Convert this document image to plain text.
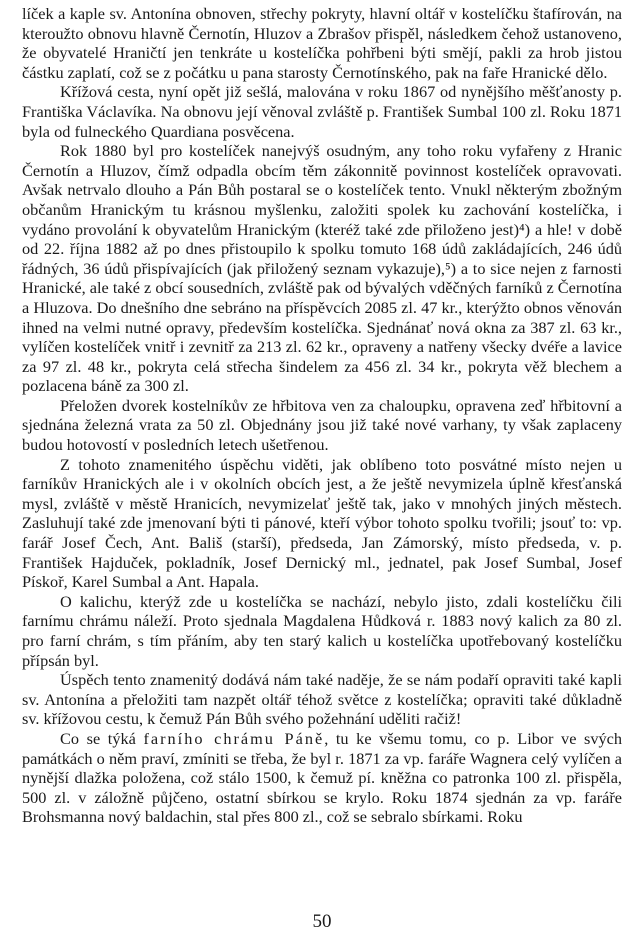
líček a kaple sv. Antonína obnoven, střechy pokryty, hlavní oltář v kostelíčku štafírován, na kteroužto obnovu hlavně Černotín, Hluzov a Zbrašov přispěl, následkem čehož ustanoveno, že obyvatelé Hraničtí jen tenkráte u kostelíčka pohřbeni býti smějí, pakli za hrob jistou částku zaplatí, což se z počátku u pana starosty Černotínského, pak na faře Hranické dělo.

Křížová cesta, nyní opět již sešlá, malována v roku 1867 od nynějšího měšťanosty p. Františka Václavíka. Na obnovu její věnoval zvláště p. František Sumbal 100 zl. Roku 1871 byla od fulneckého Quardiana posvěcena.

Rok 1880 byl pro kostelíček nanejvýš osudným, any toho roku vyfařeny z Hranic Černotín a Hluzov, čímž odpadla obcím těm zákonnitě povinnost kostelíček opravovati. Avšak netrvalo dlouho a Pán Bůh postaral se o kostelíček tento. Vnukl některým zbožným občanům Hranickým tu krásnou myšlenku, založiti spolek ku zachování kostelíčka, i vydáno provolání k obyvatelům Hranickým (kteréž také zde přiloženo jest)⁴) a hle! v době od 22. října 1882 až po dnes přistoupilo k spolku tomuto 168 údů zakládajících, 246 údů řádných, 36 údů přispívajících (jak přiložený seznam vykazuje),⁵) a to sice nejen z farnosti Hranické, ale také z obcí sousedních, zvláště pak od bývalých vděčných farníků z Černotína a Hluzova. Do dnešního dne sebráno na příspěvcích 2085 zl. 47 kr., kterýžto obnos věnován ihned na velmi nutné opravy, především kostelíčka. Sjednánať nová okna za 387 zl. 63 kr., vylíčen kostelíček vnitř i zevnitř za 213 zl. 62 kr., opraveny a natřeny všecky dvéře a lavice za 97 zl. 48 kr., pokryta celá střecha šindelem za 456 zl. 34 kr., pokryta věž blechem a pozlacena báně za 300 zl.

Přeložen dvorek kostelníkův ze hřbitova ven za chaloupku, opravena zeď hřbitovní a sjednána železná vrata za 50 zl. Objednány jsou již také nové varhany, ty však zaplaceny budou hotovostí v posledních letech ušetřenou.

Z tohoto znamenitého úspěchu viděti, jak oblíbeno toto posvátné místo nejen u farníkův Hranických ale i v okolních obcích jest, a že ještě nevymizela úplně křesťanská mysl, zvláště v městě Hranicích, nevymizelať ještě tak, jako v mnohých jiných městech. Zasluhují také zde jmenovaní býti ti pánové, kteří výbor tohoto spolku tvořili; jsouť to: vp. farář Josef Čech, Ant. Bališ (starší), předseda, Jan Zámorský, místo předseda, v. p. František Hajduček, pokladník, Josef Dernický ml., jednatel, pak Josef Sumbal, Josef Pískoř, Karel Sumbal a Ant. Hapala.

O kalichu, kterýž zde u kostelíčka se nachází, nebylo jisto, zdali kostelíčku čili farnímu chrámu náleží. Proto sjednala Magdalena Hůdková r. 1883 nový kalich za 80 zl. pro farní chrám, s tím přáním, aby ten starý kalich u kostelíčka upotřebovaný kostelíčku přípsán byl.

Úspěch tento znamenitý dodává nám také naděje, že se nám podaří opraviti také kapli sv. Antonína a přeložiti tam nazpět oltář téhož světce z kostelíčka; opraviti také důkladně sv. křížovou cestu, k čemuž Pán Bůh svého požehnání uděliti račiž!

Co se týká farního chrámu Páně, tu ke všemu tomu, co p. Libor ve svých památkách o něm praví, zmíniti se třeba, že byl r. 1871 za vp. faráře Wagnera celý vylíčen a nynější dlažka položena, což stálo 1500, k čemuž pí. kněžna co patronka 100 zl. přispěla, 500 zl. v záložně půjčeno, ostatní sbírkou se krylo. Roku 1874 sjednán za vp. faráře Brohsmanna nový baldachin, stal přes 800 zl., což se sebralo sbírkami. Roku

50
